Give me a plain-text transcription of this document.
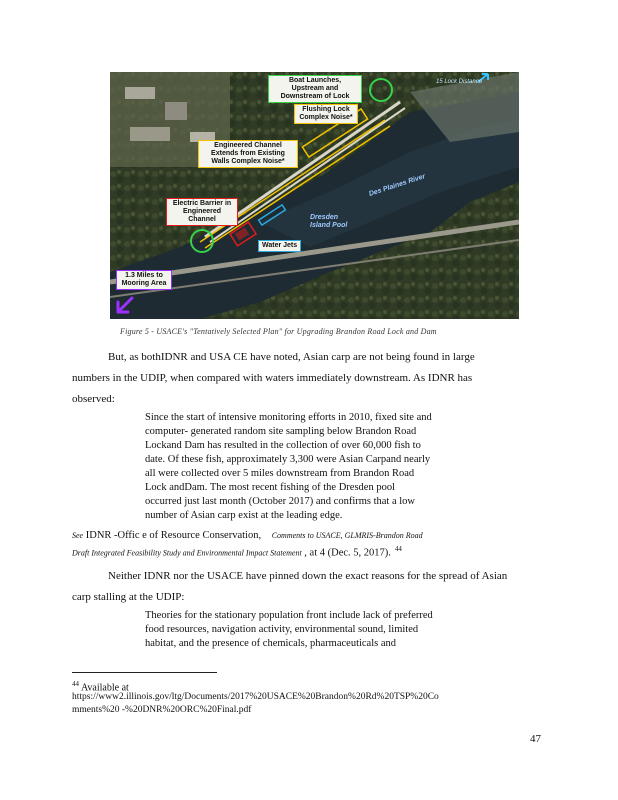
Boat Launches, Upstream and Downstream of Lock
Flushing Lock Complex Noise*
Engineered Channel Extends from Existing Walls Complex Noise*
Electric Barrier in Engineered Channel
Water Jets
1.3 Miles to Mooring Area
Des Plaines River
Dresden Island Pool
15 Lock Distance
Figure 5 - USACE's "Tentatively Selected Plan" for Upgrading Brandon Road Lock and Dam
But, as bothIDNR and USA CE have noted, Asian carp are not being found in large
numbers in the UDIP, when compared with waters immediately downstream. As IDNR has
observed:
Since the start of intensive monitoring efforts in 2010, fixed site and
computer- generated random site sampling below Brandon Road
Lockand Dam has resulted in the collection of over 60,000 fish to
date. Of these fish, approximately 3,300 were Asian Carpand nearly
all were collected over 5 miles downstream from Brandon Road
Lock andDam. The most recent fishing of the Dresden pool
occurred just last month (October 2017) and confirms that a low
number of Asian carp exist at the leading edge.
See IDNR -Offic e of Resource Conservation, Comments to USACE, GLMRIS-Brandon Road
Draft Integrated Feasibility Study and Environmental Impact Statement , at 4 (Dec. 5, 2017). $^{44}$
Neither IDNR nor the USACE have pinned down the exact reasons for the spread of Asian
carp stalling at the UDIP:
Theories for the stationary population front include lack of preferred
food resources, navigation activity, environmental sound, limited
habitat, and the presence of chemicals, pharmaceuticals and
$^{44}$ Available at
https://www2.illinois.gov/ltg/Documents/2017%20USACE%20Brandon%20Rd%20TSP%20Co
mments%20 -%20DNR%20ORC%20Final.pdf
47
